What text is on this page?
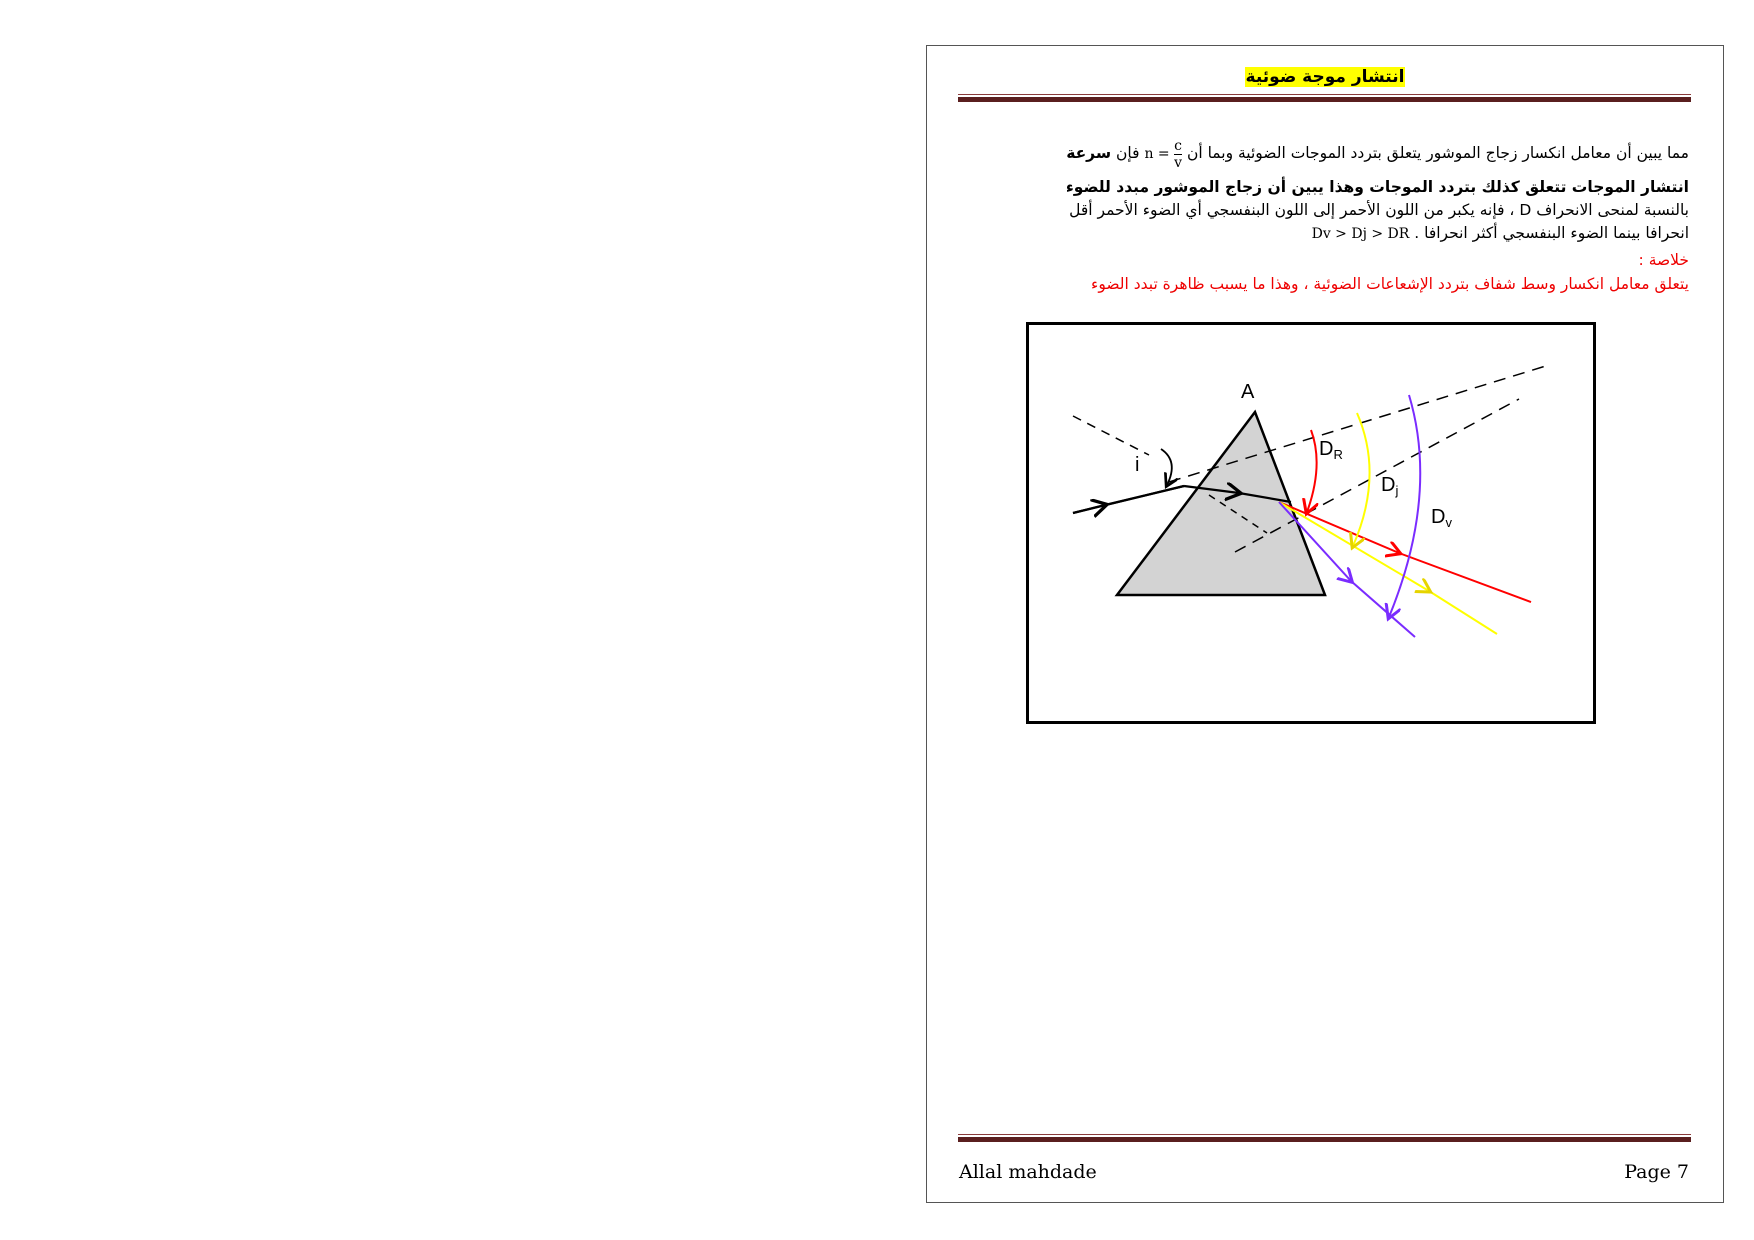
انتشار موجة ضوئية
مما يبين أن معامل انكسار زجاج الموشور يتعلق بتردد الموجات الضوئية وبما أن $n = \frac{c}{v}$
فإن سرعة
انتشار الموجات تتعلق كذلك بتردد الموجات وهذا يبين أن زجاج الموشور مبدد للضوء
بالنسبة لمنحى الانحراف D ، فإنه يكبر من اللون الأحمر إلى اللون البنفسجي أي الضوء الأحمر أقل
انحرافا بينما الضوء البنفسجي أكثر انحرافا . Dv > Dj > DR
خلاصة :
يتعلق معامل انكسار وسط شفاف بتردد الإشعاعات الضوئية ، وهذا ما يسبب ظاهرة تبدد الضوء
A
i
$D_R$
$D_j$
$D_v$
Allal mahdade	Page 7
